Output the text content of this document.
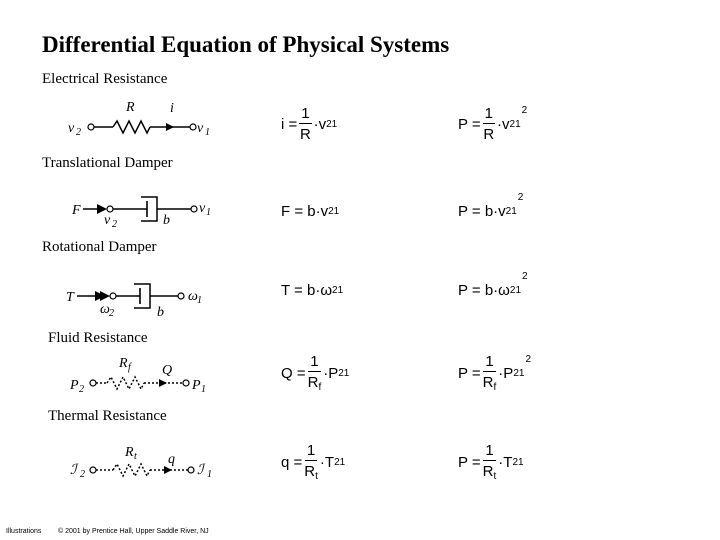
Differential Equation of Physical Systems
Electrical Resistance
Translational Damper
Rotational Damper
Fluid Resistance
Thermal Resistance
R	i
v 2	v 1
F
v 2	b
v 1
T
ω 2	b
ω 1
R f Q
P 2	P 1
R t q
ℐ 2	ℐ 1
$i = \frac{1}{R} \cdot v$ 21	$P = \frac{1}{R} \cdot v$ 21
2
F = b·v 21	P = b·v 21
2
T = b·ω 21	P = b·ω 21
2
$Q = \frac{1}{R_f} \cdot P$ 21	$P = \frac{1}{R_f} \cdot P$ 21
2
$q = \frac{1}{R_t} \cdot T$ 21	$P = \frac{1}{R_t} \cdot T$ 21
Illustrations © 2001 by Prentice Hall, Upper Saddle River, NJ
